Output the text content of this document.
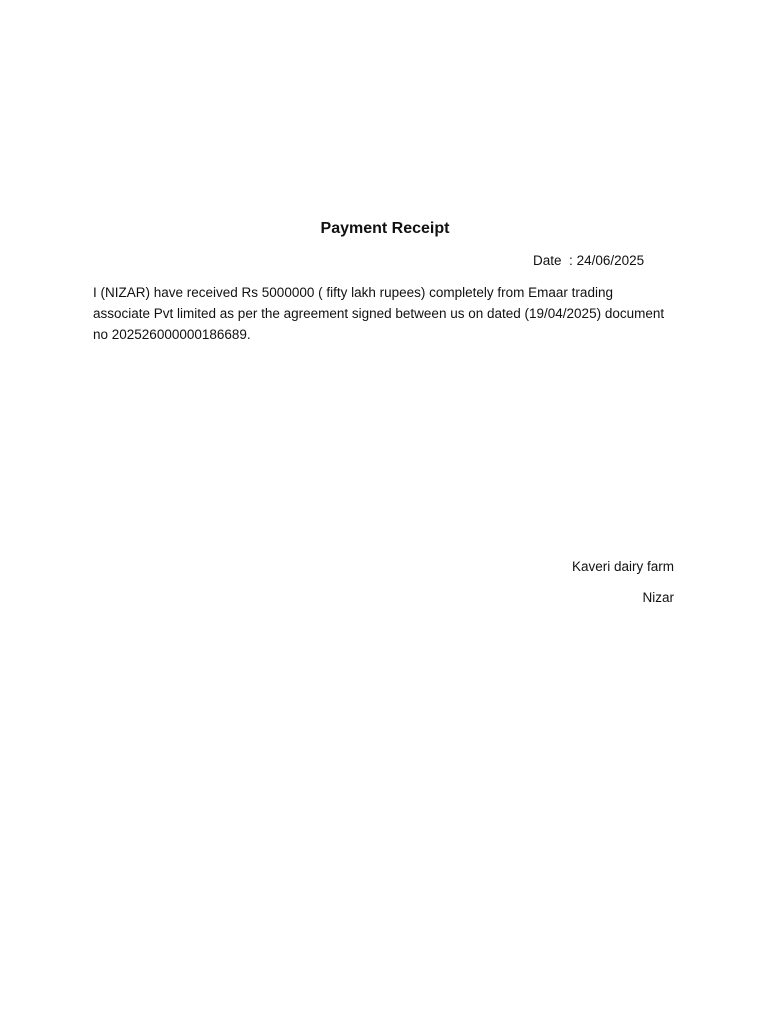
Payment Receipt
Date : 24/06/2025

I (NIZAR) have received Rs 5000000 ( fifty lakh rupees) completely from Emaar trading associate Pvt limited as per the agreement signed between us on dated (19/04/2025) document no 202526000000186689.

Kaveri dairy farm
Nizar
